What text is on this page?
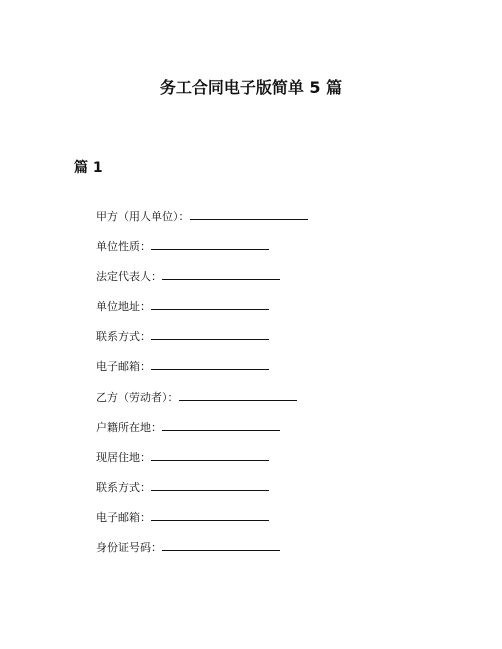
务工合同电子版简单 5 篇
篇 1
甲方（用人单位）：
单位性质：
法定代表人：
单位地址：
联系方式：
电子邮箱：
乙方（劳动者）：
户籍所在地：
现居住地：
联系方式：
电子邮箱：
身份证号码：
